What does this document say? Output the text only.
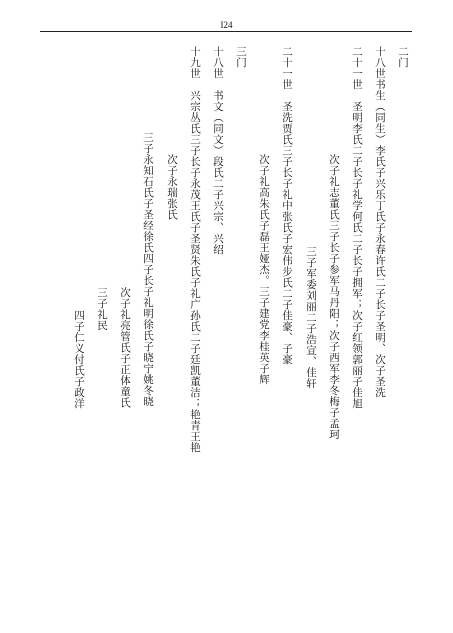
I24
二门
十八世书生（同生）李氏子兴乐丁氏子永春许氏二子长子圣明、次子圣洗
二十一世　圣明李氏二子长子礼学何氏二子长子拥军；次子红领郭丽子佳旭
次子礼志董氏三子长子参军马丹阳；次子西军李冬梅子孟珂
三子军委刘丽二子浩宣、佳轩
二十一世　圣洗贾氏三子长子礼中张氏子宏伟步氏二子佳豪、子豪
次子礼高朱氏子磊王娅杰。三子建党李桂英子辉
三门
十八世　书文（同文）段氏二子兴宗、兴绍
十九世　兴宗丛氏三子长子永茂王氏子圣贤朱氏子礼广孙氏二子廷凯董洁；艳青王艳
次子永瑞张氏
三子永知石氏子圣经徐氏四子长子礼明徐氏子晓宁姚冬晓
次子礼亮管氏子正体童氏
三子礼民
四子仁义付氏子政洋
